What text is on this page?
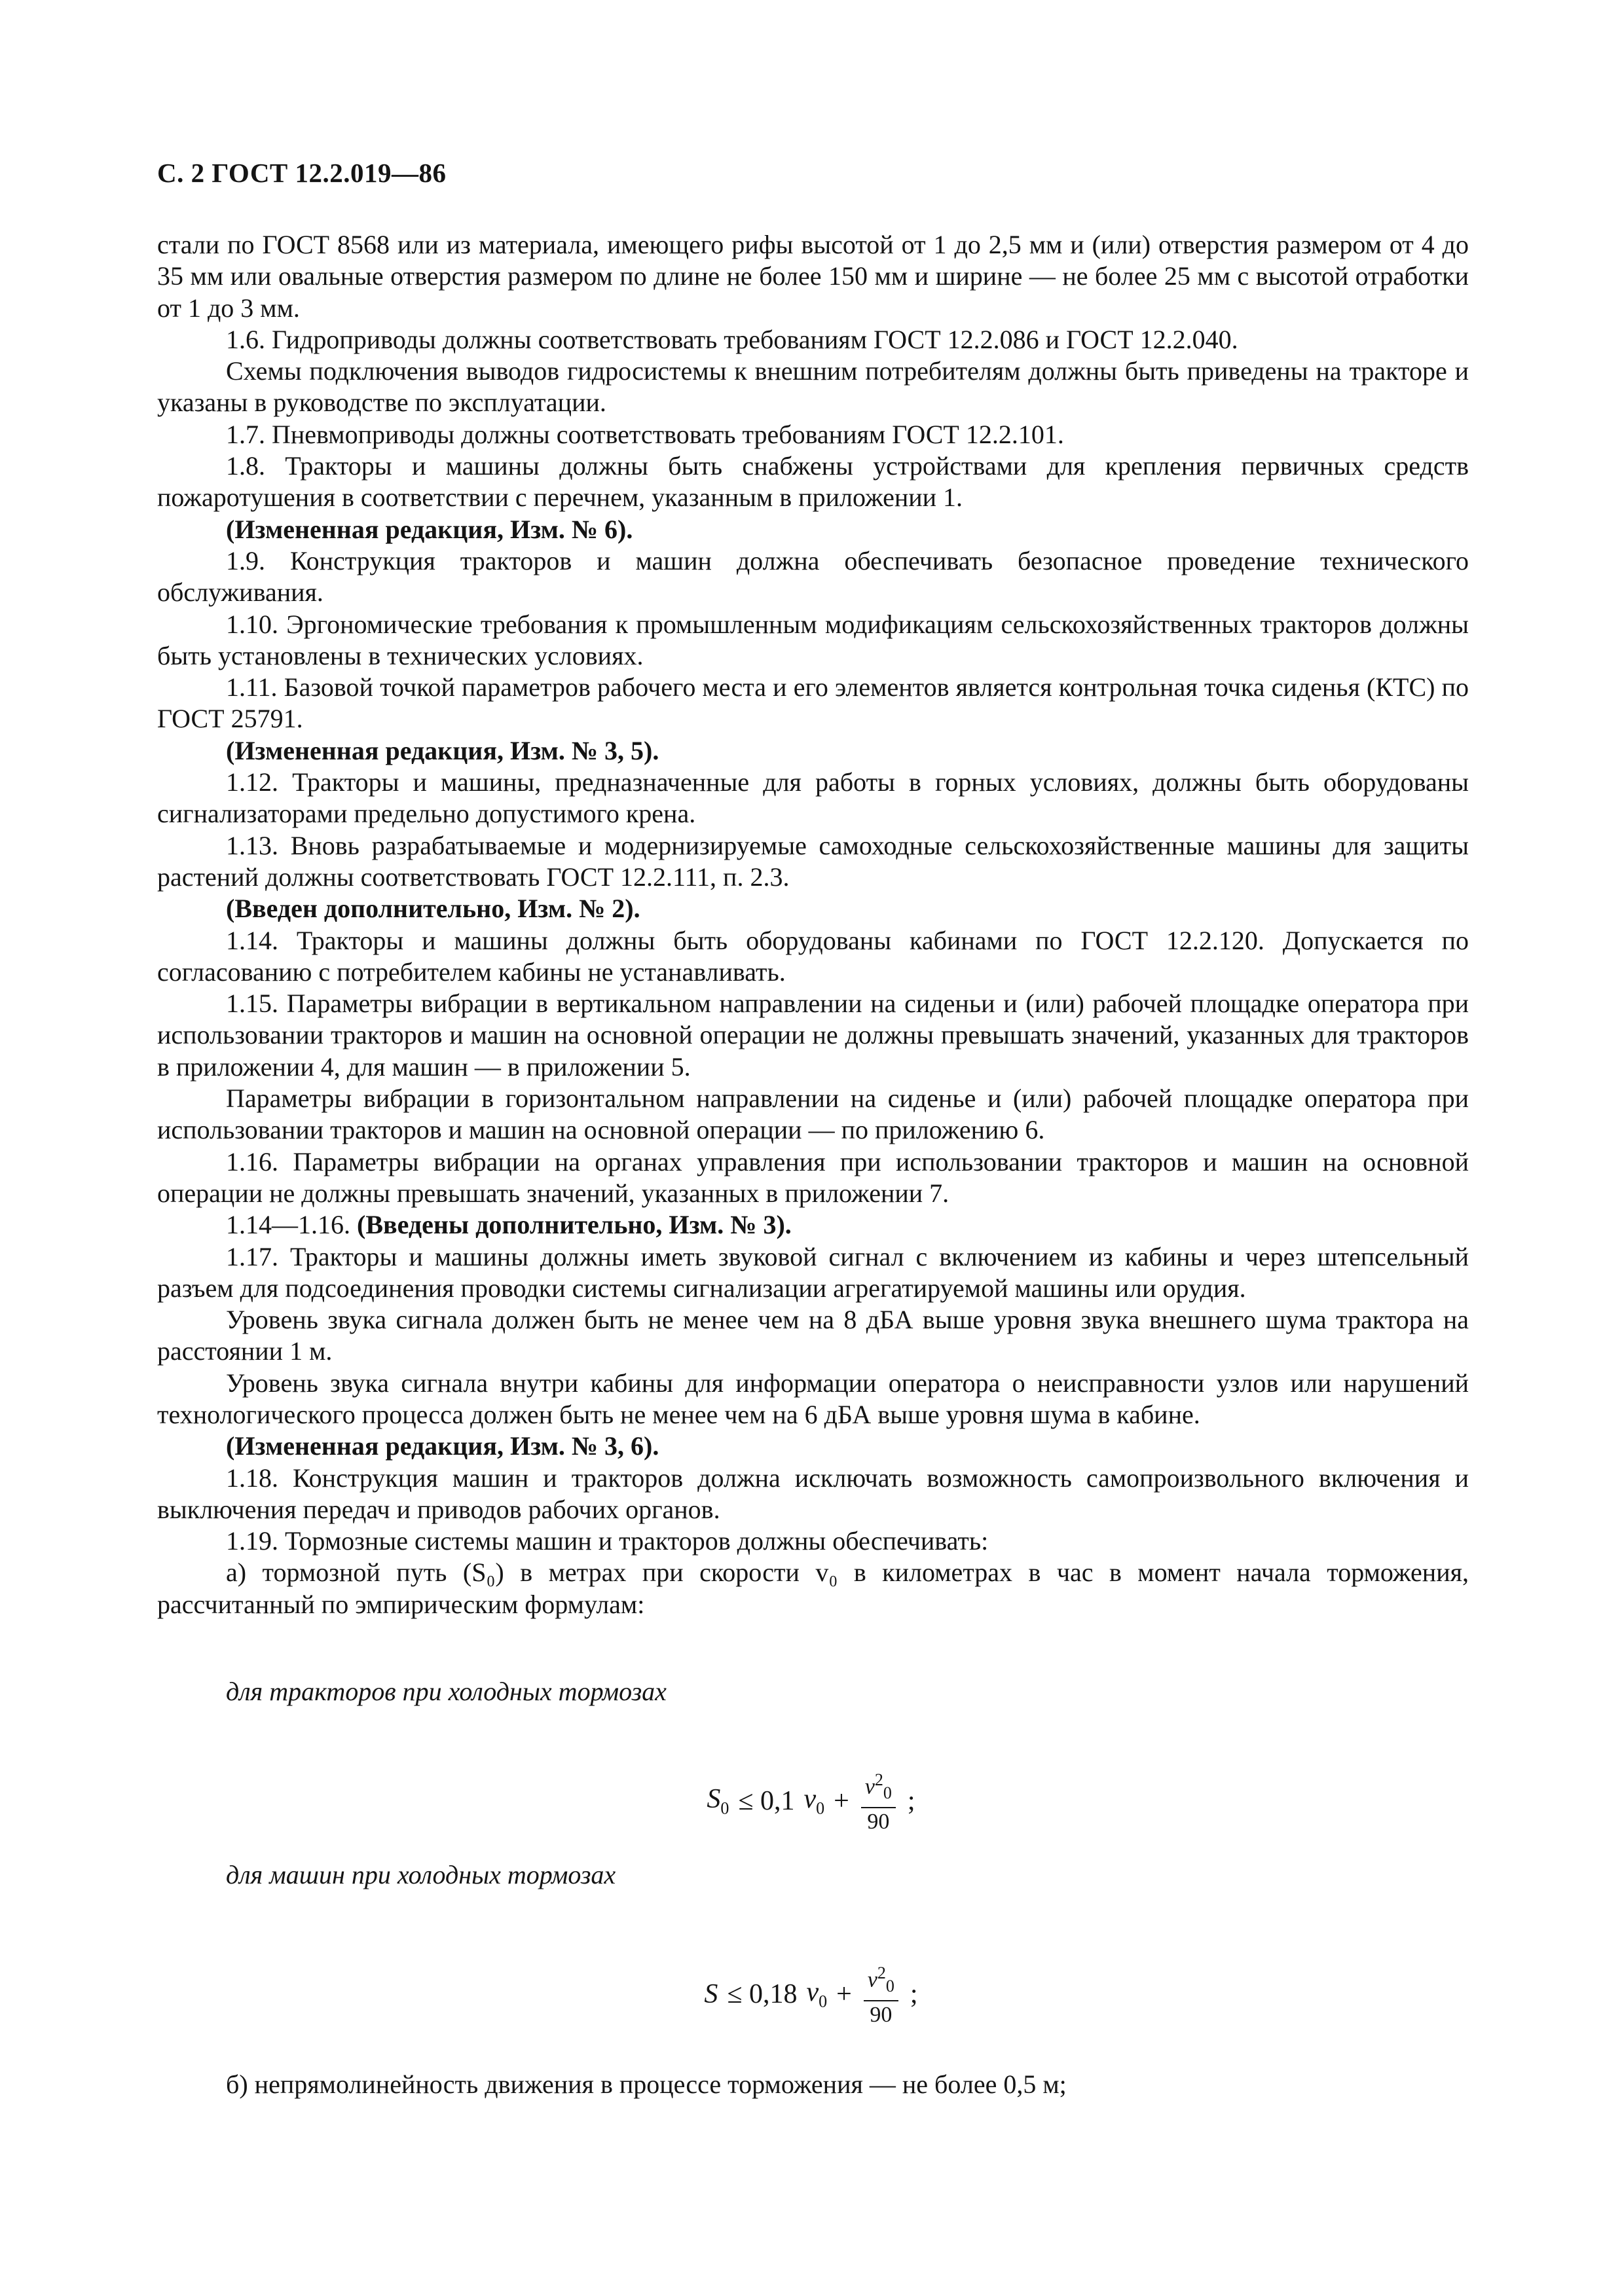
С. 2 ГОСТ 12.2.019—86

стали по ГОСТ 8568 или из материала, имеющего рифы высотой от 1 до 2,5 мм и (или) отверстия размером от 4 до 35 мм или овальные отверстия размером по длине не более 150 мм и ширине — не более 25 мм с высотой отработки от 1 до 3 мм.

1.6. Гидроприводы должны соответствовать требованиям ГОСТ 12.2.086 и ГОСТ 12.2.040.

Схемы подключения выводов гидросистемы к внешним потребителям должны быть приведены на тракторе и указаны в руководстве по эксплуатации.

1.7. Пневмоприводы должны соответствовать требованиям ГОСТ 12.2.101.

1.8. Тракторы и машины должны быть снабжены устройствами для крепления первичных средств пожаротушения в соответствии с перечнем, указанным в приложении 1.

(Измененная редакция, Изм. № 6).

1.9. Конструкция тракторов и машин должна обеспечивать безопасное проведение технического обслуживания.

1.10. Эргономические требования к промышленным модификациям сельскохозяйственных тракторов должны быть установлены в технических условиях.

1.11. Базовой точкой параметров рабочего места и его элементов является контрольная точка сиденья (КТС) по ГОСТ 25791.

(Измененная редакция, Изм. № 3, 5).

1.12. Тракторы и машины, предназначенные для работы в горных условиях, должны быть оборудованы сигнализаторами предельно допустимого крена.

1.13. Вновь разрабатываемые и модернизируемые самоходные сельскохозяйственные машины для защиты растений должны соответствовать ГОСТ 12.2.111, п. 2.3.

(Введен дополнительно, Изм. № 2).

1.14. Тракторы и машины должны быть оборудованы кабинами по ГОСТ 12.2.120. Допускается по согласованию с потребителем кабины не устанавливать.

1.15. Параметры вибрации в вертикальном направлении на сиденьи и (или) рабочей площадке оператора при использовании тракторов и машин на основной операции не должны превышать значений, указанных для тракторов в приложении 4, для машин — в приложении 5.

Параметры вибрации в горизонтальном направлении на сиденье и (или) рабочей площадке оператора при использовании тракторов и машин на основной операции — по приложению 6.

1.16. Параметры вибрации на органах управления при использовании тракторов и машин на основной операции не должны превышать значений, указанных в приложении 7.

1.14—1.16. (Введены дополнительно, Изм. № 3).

1.17. Тракторы и машины должны иметь звуковой сигнал с включением из кабины и через штепсельный разъем для подсоединения проводки системы сигнализации агрегатируемой машины или орудия.

Уровень звука сигнала должен быть не менее чем на 8 дБА выше уровня звука внешнего шума трактора на расстоянии 1 м.

Уровень звука сигнала внутри кабины для информации оператора о неисправности узлов или нарушений технологического процесса должен быть не менее чем на 6 дБА выше уровня шума в кабине.

(Измененная редакция, Изм. № 3, 6).

1.18. Конструкция машин и тракторов должна исключать возможность самопроизвольного включения и выключения передач и приводов рабочих органов.

1.19. Тормозные системы машин и тракторов должны обеспечивать:

а) тормозной путь (S₀) в метрах при скорости v₀ в километрах в час в момент начала торможения, рассчитанный по эмпирическим формулам:

для тракторов при холодных тормозах
$S_0 \le 0,1$ $v_0 + \frac{v^2_0}{90}$ ;
для машин при холодных тормозах
S ≤ 0,18 $v_0 + \frac{v^2_0}{90}$ ;
б) непрямолинейность движения в процессе торможения — не более 0,5 м;
